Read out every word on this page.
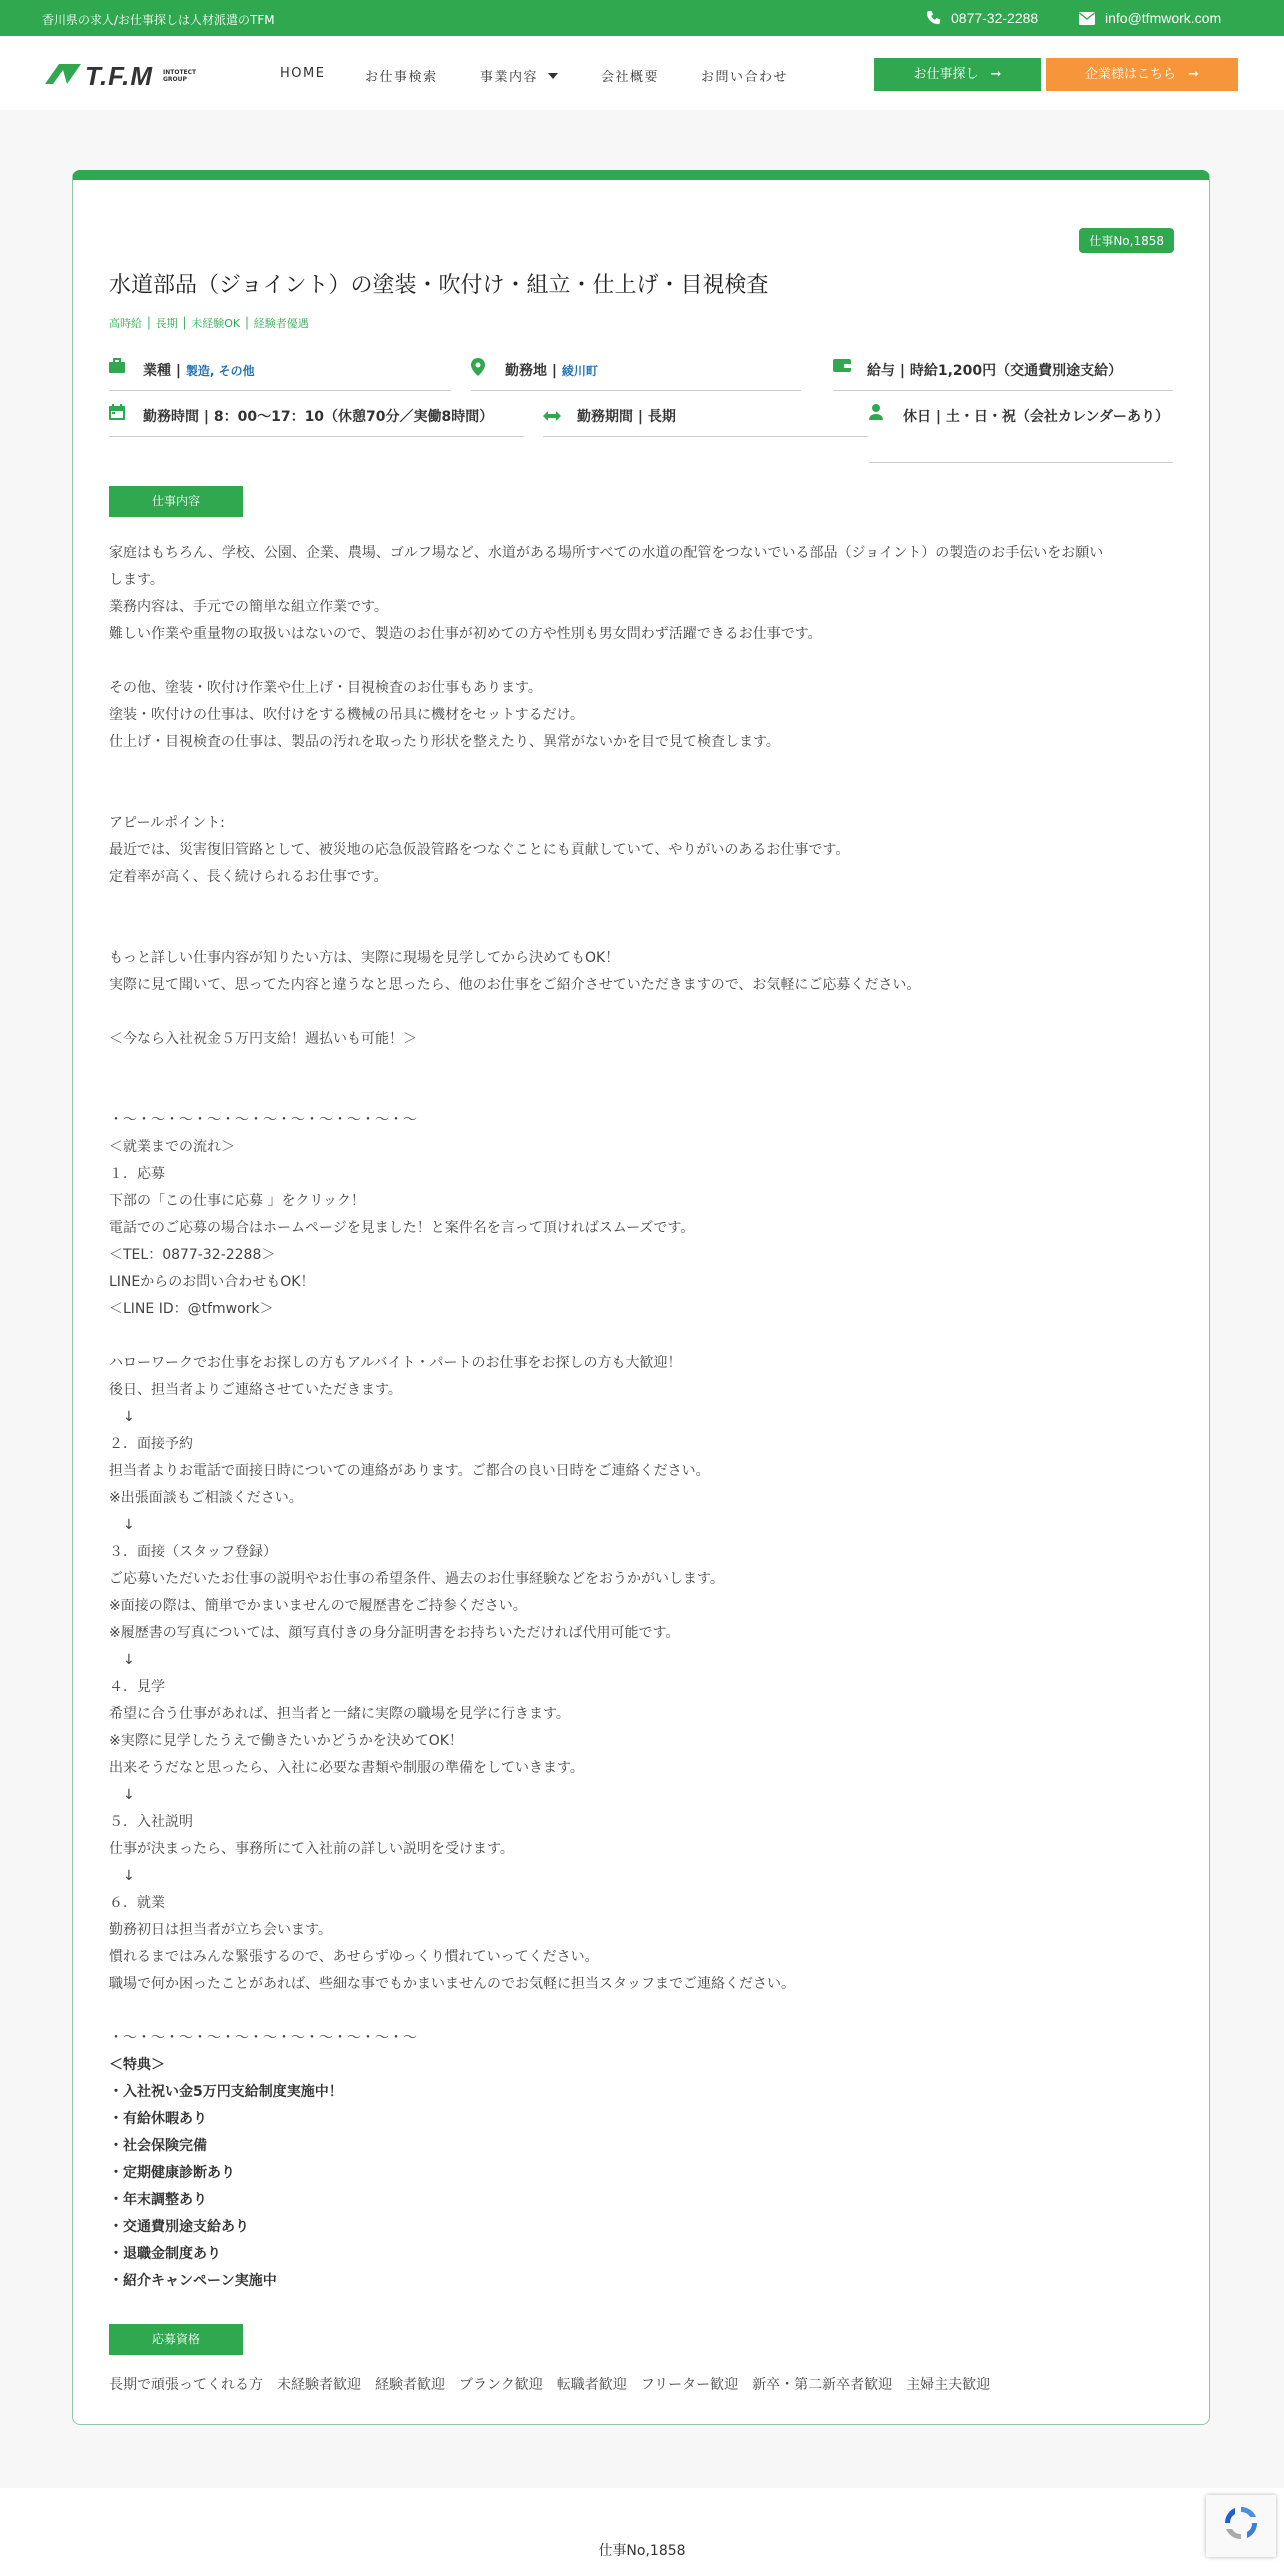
香川県の求人/お仕事探しは人材派遣のTFM	0877-32-2288	info@tfmwork.com
T.F.M INTOTECT GROUP	HOME	お仕事検索	事業内容	会社概要	お問い合わせ	お仕事探し ➞	企業様はこちら ➞
仕事No,1858
水道部品（ジョイント）の塗装・吹付け・組立・仕上げ・目視検査
高時給 │ 長期 │ 未経験OK │ 経験者優遇
業種 | 製造, その他	勤務地 | 綾川町	給与 | 時給1,200円（交通費別途支給）
勤務時間 | 8：00～17：10（休憩70分／実働8時間）	勤務期間 | 長期	休日 | 土・日・祝（会社カレンダーあり）
仕事内容
家庭はもちろん、学校、公園、企業、農場、ゴルフ場など、水道がある場所すべての水道の配管をつないでいる部品（ジョイント）の製造のお手伝いをお願い
します。
業務内容は、手元での簡単な組立作業です。
難しい作業や重量物の取扱いはないので、製造のお仕事が初めての方や性別も男女問わず活躍できるお仕事です。
その他、塗装・吹付け作業や仕上げ・目視検査のお仕事もあります。
塗装・吹付けの仕事は、吹付けをする機械の吊具に機材をセットするだけ。
仕上げ・目視検査の仕事は、製品の汚れを取ったり形状を整えたり、異常がないかを目で見て検査します。
アピールポイント:
最近では、災害復旧管路として、被災地の応急仮設管路をつなぐことにも貢献していて、やりがいのあるお仕事です。
定着率が高く、長く続けられるお仕事です。
もっと詳しい仕事内容が知りたい方は、実際に現場を見学してから決めてもOK！
実際に見て聞いて、思ってた内容と違うなと思ったら、他のお仕事をご紹介させていただきますので、お気軽にご応募ください。
＜今なら入社祝金５万円支給！週払いも可能！＞
・～・～・～・～・～・～・～・～・～・～・～
＜就業までの流れ＞
１．応募
下部の「この仕事に応募 」をクリック！
電話でのご応募の場合はホームページを見ました！と案件名を言って頂ければスムーズです。
＜TEL：0877-32-2288＞
LINEからのお問い合わせもOK！
＜LINE ID：@tfmwork＞
ハローワークでお仕事をお探しの方もアルバイト・パートのお仕事をお探しの方も大歓迎！
後日、担当者よりご連絡させていただきます。
　↓
２．面接予約
担当者よりお電話で面接日時についての連絡があります。ご都合の良い日時をご連絡ください。
※出張面談もご相談ください。
　↓
３．面接（スタッフ登録）
ご応募いただいたお仕事の説明やお仕事の希望条件、過去のお仕事経験などをおうかがいします。
※面接の際は、簡単でかまいませんので履歴書をご持参ください。
※履歴書の写真については、顔写真付きの身分証明書をお持ちいただければ代用可能です。
　↓
４．見学
希望に合う仕事があれば、担当者と一緒に実際の職場を見学に行きます。
※実際に見学したうえで働きたいかどうかを決めてOK！
出来そうだなと思ったら、入社に必要な書類や制服の準備をしていきます。
　↓
５．入社説明
仕事が決まったら、事務所にて入社前の詳しい説明を受けます。
　↓
６．就業
勤務初日は担当者が立ち会います。
慣れるまではみんな緊張するので、あせらずゆっくり慣れていってください。
職場で何か困ったことがあれば、些細な事でもかまいませんのでお気軽に担当スタッフまでご連絡ください。
・～・～・～・～・～・～・～・～・～・～・～
＜特典＞
・入社祝い金5万円支給制度実施中！
・有給休暇あり
・社会保険完備
・定期健康診断あり
・年末調整あり
・交通費別途支給あり
・退職金制度あり
・紹介キャンペーン実施中
応募資格
長期で頑張ってくれる方 未経験者歓迎 経験者歓迎 ブランク歓迎 転職者歓迎 フリーター歓迎 新卒・第二新卒者歓迎 主婦主夫歓迎
仕事No,1858
